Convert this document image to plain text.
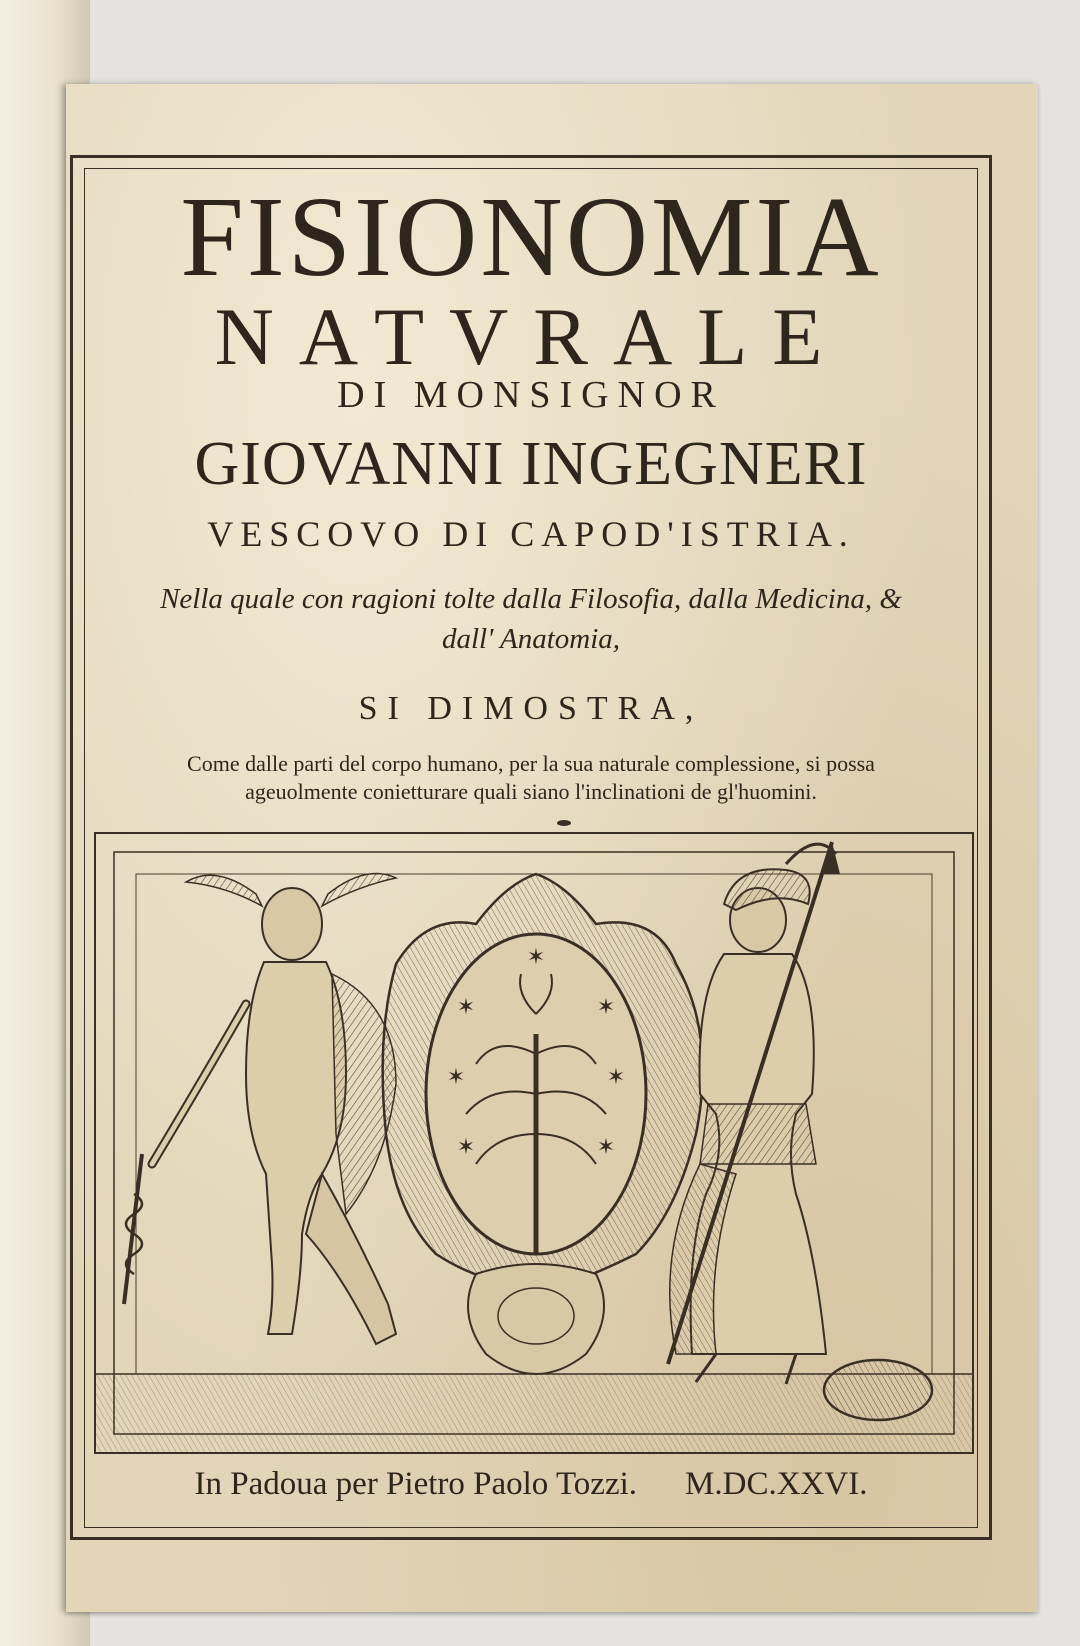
FISIONOMIA
NATVRALE
DI MONSIGNOR
GIOVANNI INGEGNERI
VESCOVO DI CAPOD'ISTRIA.
Nella quale con ragioni tolte dalla Filosofia, dalla Medicina, &
dall' Anatomia,
SI DIMOSTRA,
Come dalle parti del corpo humano, per la sua naturale complessione, si possa
ageuolmente conietturare quali siano l'inclinationi de gl'huomini.
✶
✶	✶
✶	✶
✶	✶
In Padoua per Pietro Paolo Tozzi. M.DC.XXVI.
